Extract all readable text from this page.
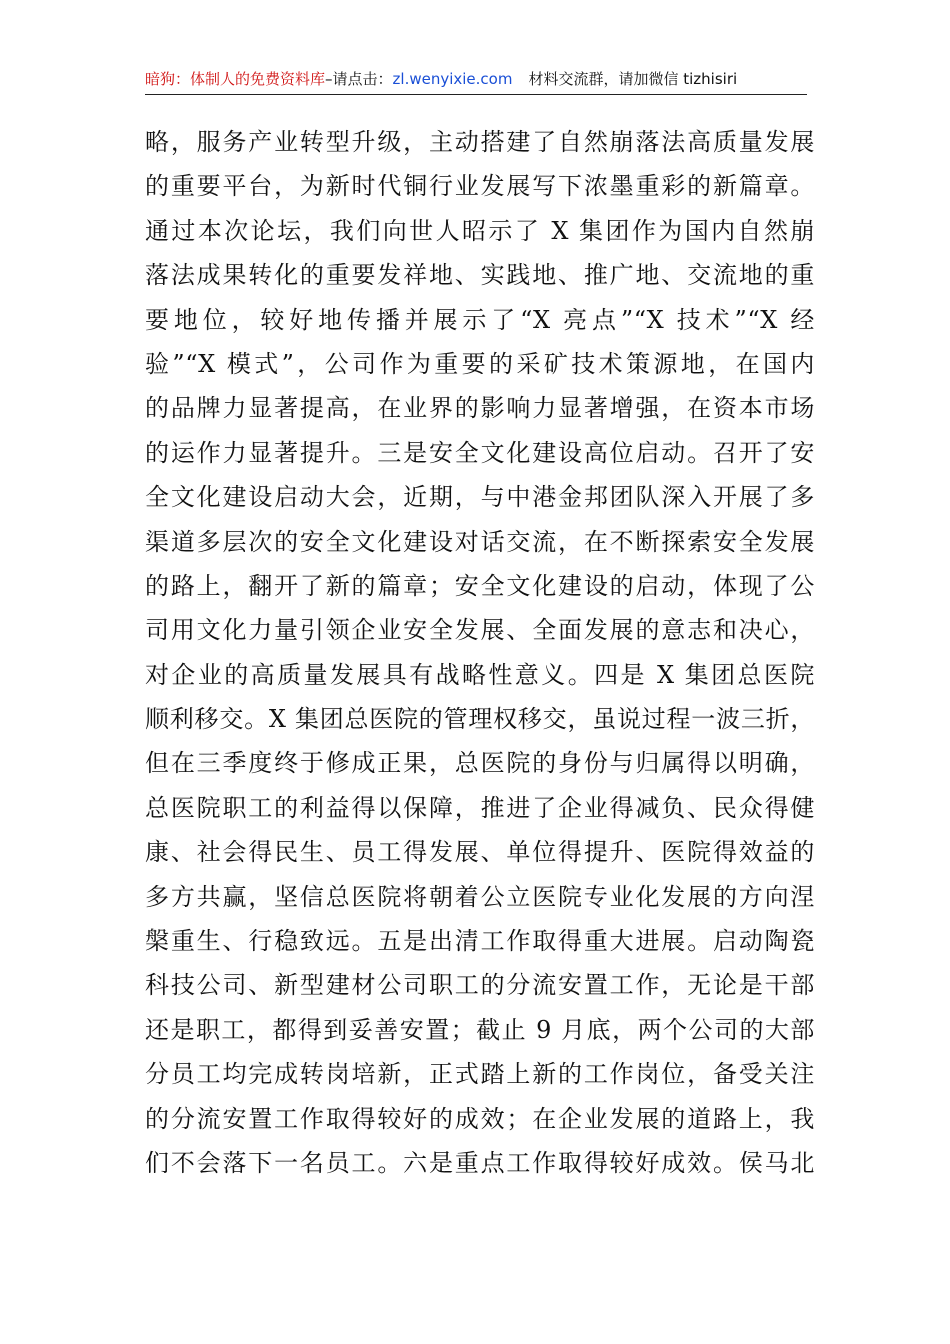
暗狗：体制人的免费资料库–请点击：zl.wenyixie.com 材料交流群，请加微信 tizhisiri
略，服务产业转型升级，主动搭建了自然崩落法高质量发展
的重要平台，为新时代铜行业发展写下浓墨重彩的新篇章。
通过本次论坛，我们向世人昭示了 X 集团作为国内自然崩
落法成果转化的重要发祥地、实践地、推广地、交流地的重
要地位，较好地传播并展示了“X 亮点”“X 技术”“X 经
验”“X 模式”，公司作为重要的采矿技术策源地，在国内
的品牌力显著提高，在业界的影响力显著增强，在资本市场
的运作力显著提升。三是安全文化建设高位启动。召开了安
全文化建设启动大会，近期，与中港金邦团队深入开展了多
渠道多层次的安全文化建设对话交流，在不断探索安全发展
的路上，翻开了新的篇章；安全文化建设的启动，体现了公
司用文化力量引领企业安全发展、全面发展的意志和决心，
对企业的高质量发展具有战略性意义。四是 X 集团总医院
顺利移交。X 集团总医院的管理权移交，虽说过程一波三折，
但在三季度终于修成正果，总医院的身份与归属得以明确，
总医院职工的利益得以保障，推进了企业得减负、民众得健
康、社会得民生、员工得发展、单位得提升、医院得效益的
多方共赢，坚信总医院将朝着公立医院专业化发展的方向涅
槃重生、行稳致远。五是出清工作取得重大进展。启动陶瓷
科技公司、新型建材公司职工的分流安置工作，无论是干部
还是职工，都得到妥善安置；截止 9 月底，两个公司的大部
分员工均完成转岗培新，正式踏上新的工作岗位，备受关注
的分流安置工作取得较好的成效；在企业发展的道路上，我
们不会落下一名员工。六是重点工作取得较好成效。侯马北
